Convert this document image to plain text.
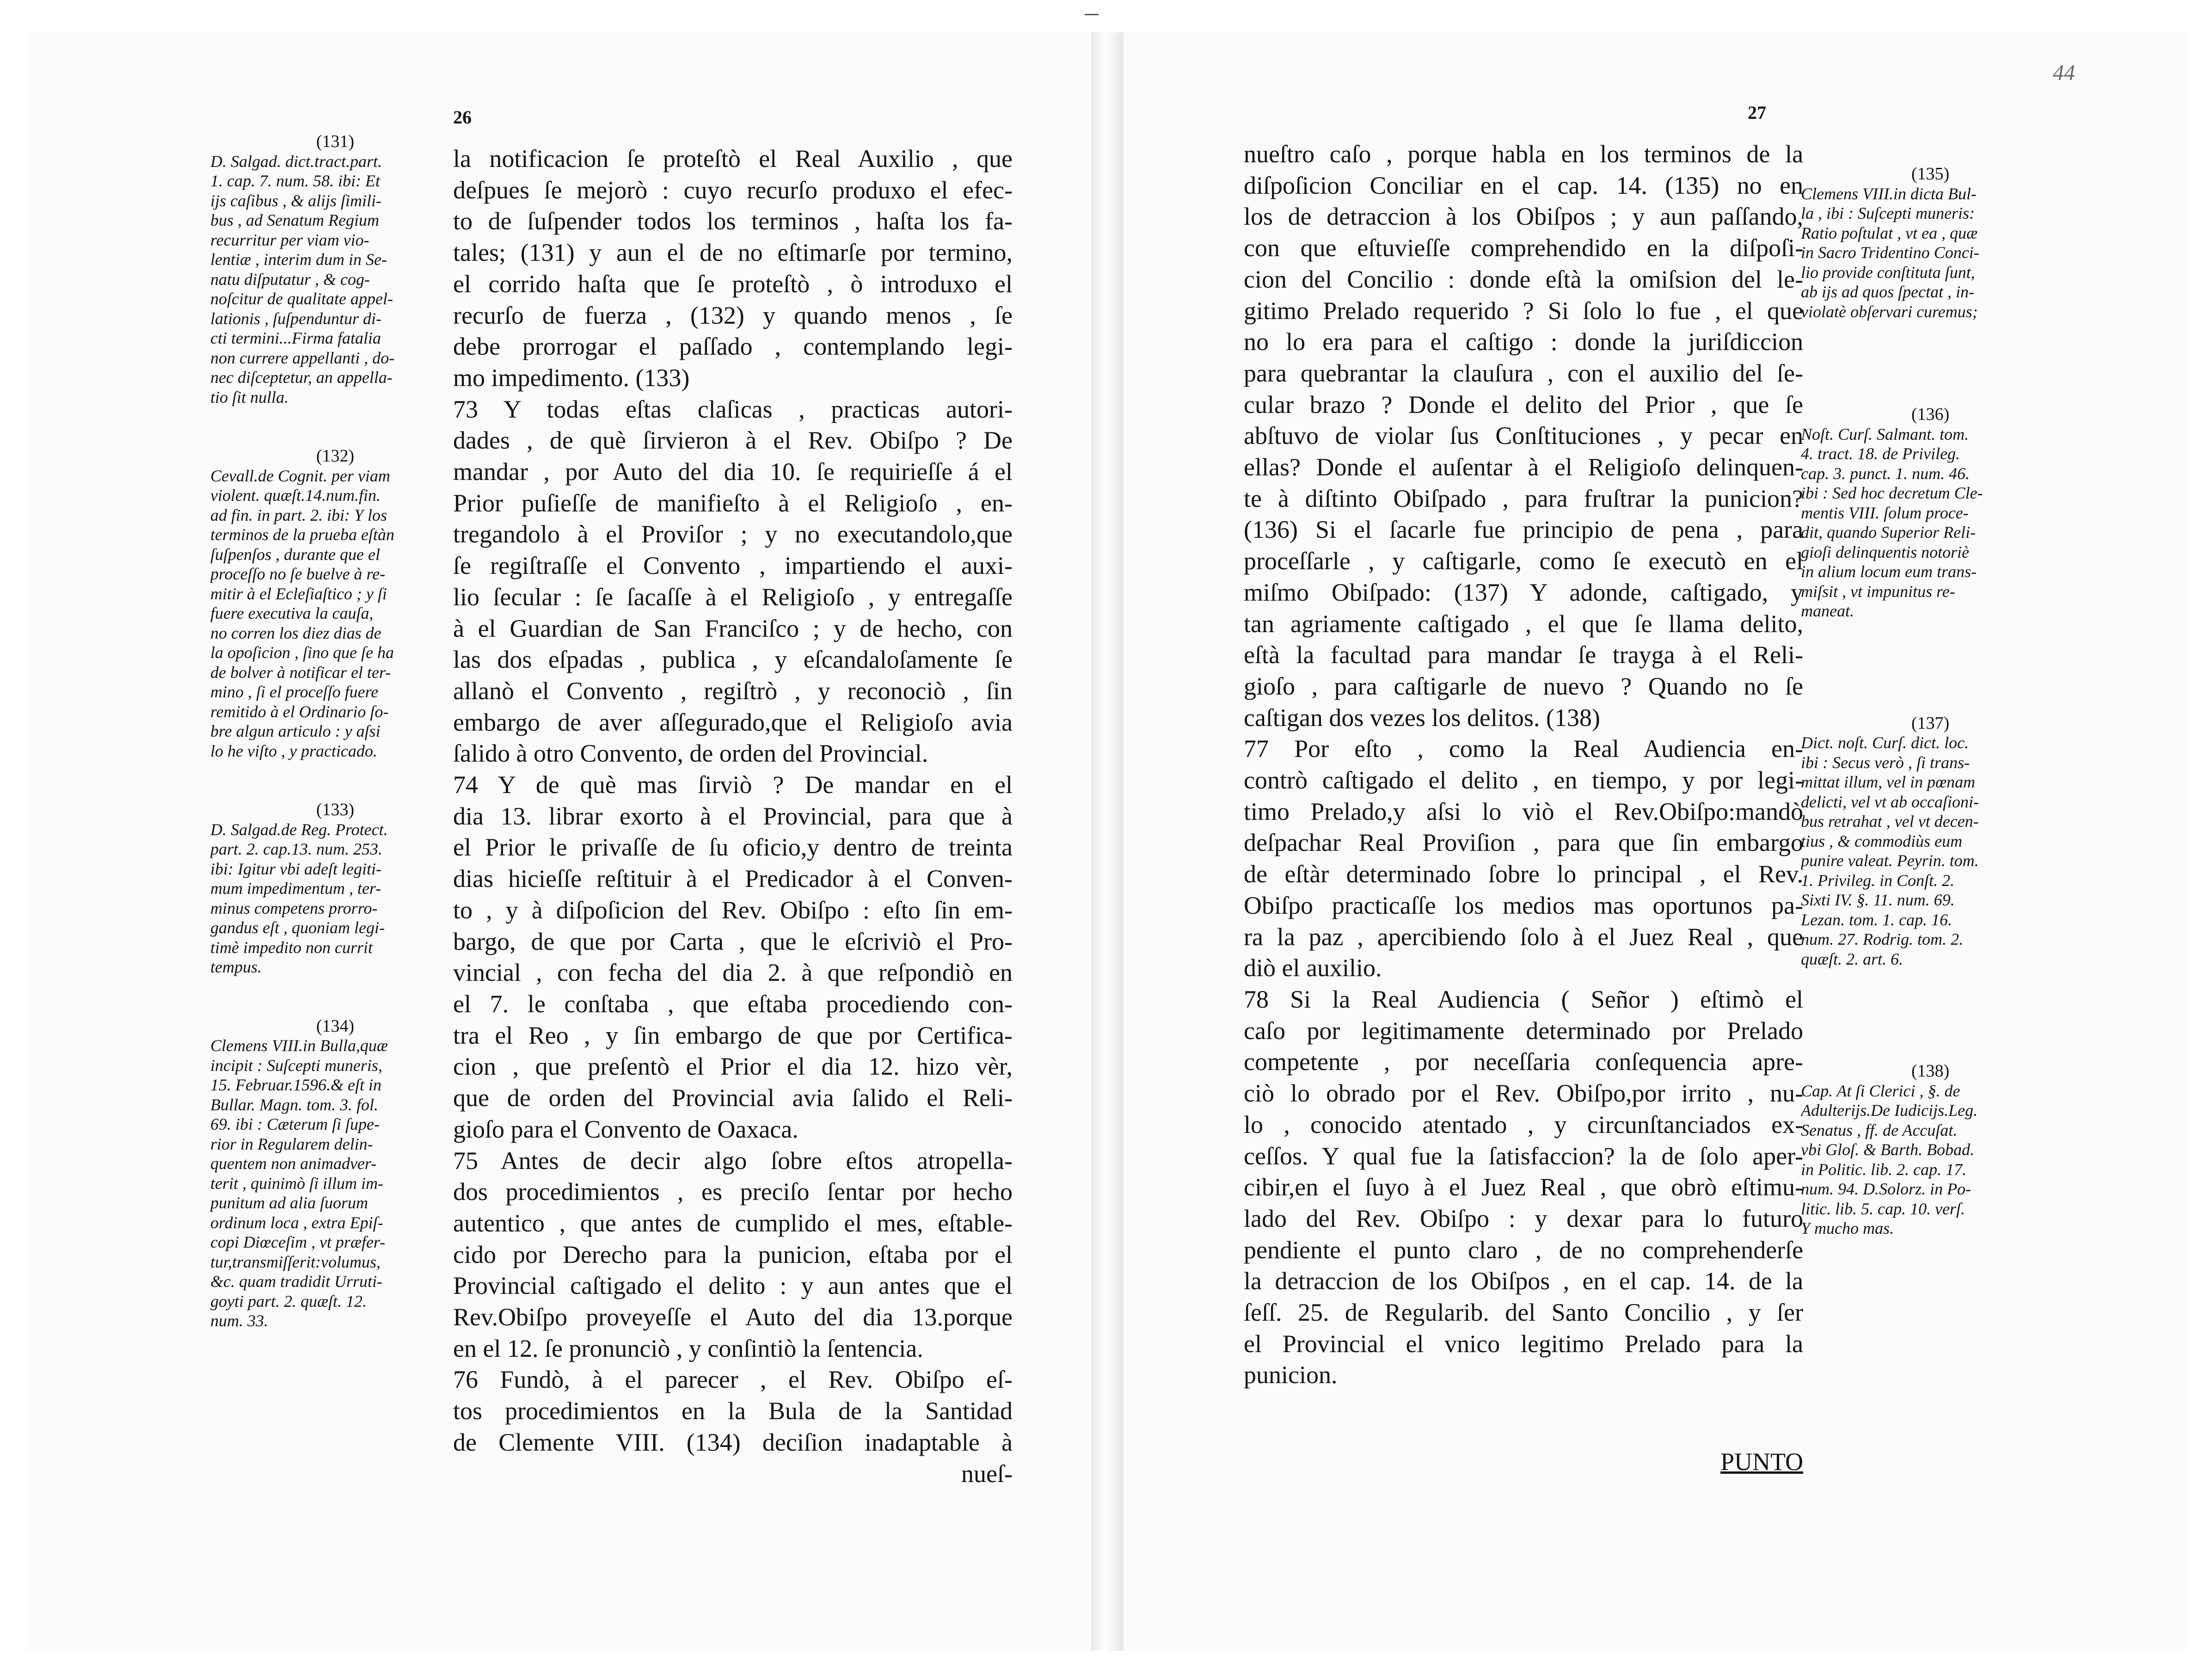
26
(131)
D. Salgad. dict.tract.part.
1. cap. 7. num. 58. ibi: Et
ijs caſibus , & alijs ſimili-
bus , ad Senatum Regium
recurritur per viam vio-
lentiæ , interim dum in Se-
natu diſputatur , & cog-
noſcitur de qualitate appel-
lationis , ſuſpenduntur di-
cti termini...Firma fatalia
non currere appellanti , do-
nec diſceptetur, an appella-
tio ſit nulla.
(132)
Cevall.de Cognit. per viam
violent. quæſt.14.num.fin.
ad fin. in part. 2. ibi: Y los
terminos de la prueba eſtàn
ſuſpenſos , durante que el
proceſſo no ſe buelve à re-
mitir à el Ecleſiaſtico ; y ſi
fuere executiva la cauſa,
no corren los diez dias de
la opoſicion , ſino que ſe ha
de bolver à notificar el ter-
mino , ſi el proceſſo fuere
remitido à el Ordinario ſo-
bre algun articulo : y aſsi
lo he viſto , y practicado.
(133)
D. Salgad.de Reg. Protect.
part. 2. cap.13. num. 253.
ibi: Igitur vbi adeſt legiti-
mum impedimentum , ter-
minus competens prorro-
gandus eſt , quoniam legi-
timè impedito non currit
tempus.
(134)
Clemens VIII.in Bulla,quæ
incipit : Suſcepti muneris,
15. Februar.1596.& eſt in
Bullar. Magn. tom. 3. fol.
69. ibi : Cæterum ſi ſupe-
rior in Regularem delin-
quentem non animadver-
terit , quinimò ſi illum im-
punitum ad alia ſuorum
ordinum loca , extra Epiſ-
copi Diœceſim , vt præfer-
tur,transmiſſerit:volumus,
&c. quam tradidit Urruti-
goyti part. 2. quæſt. 12.
num. 33.
la notificacion ſe proteſtò el Real Auxilio , que
deſpues ſe mejorò : cuyo recurſo produxo el efec-
to de ſuſpender todos los terminos , haſta los fa-
tales; (131) y aun el de no eſtimarſe por termino,
el corrido haſta que ſe proteſtò , ò introduxo el
recurſo de fuerza , (132) y quando menos , ſe
debe prorrogar el paſſado , contemplando legi-
mo impedimento. (133)
73 Y todas eſtas claſicas , practicas autori-
dades , de què ſirvieron à el Rev. Obiſpo ? De
mandar , por Auto del dia 10. ſe requirieſſe á el
Prior puſieſſe de manifieſto à el Religioſo , en-
tregandolo à el Proviſor ; y no executandolo,que
ſe regiſtraſſe el Convento , impartiendo el auxi-
lio ſecular : ſe ſacaſſe à el Religioſo , y entregaſſe
à el Guardian de San Franciſco ; y de hecho, con
las dos eſpadas , publica , y eſcandaloſamente ſe
allanò el Convento , regiſtrò , y reconociò , ſin
embargo de aver aſſegurado,que el Religioſo avia
ſalido à otro Convento, de orden del Provincial.
74 Y de què mas ſirviò ? De mandar en el
dia 13. librar exorto à el Provincial, para que à
el Prior le privaſſe de ſu oficio,y dentro de treinta
dias hicieſſe reſtituir à el Predicador à el Conven-
to , y à diſpoſicion del Rev. Obiſpo : eſto ſin em-
bargo, de que por Carta , que le eſcriviò el Pro-
vincial , con fecha del dia 2. à que reſpondiò en
el 7. le conſtaba , que eſtaba procediendo con-
tra el Reo , y ſin embargo de que por Certifica-
cion , que preſentò el Prior el dia 12. hizo vèr,
que de orden del Provincial avia ſalido el Reli-
gioſo para el Convento de Oaxaca.
75 Antes de decir algo ſobre eſtos atropella-
dos procedimientos , es preciſo ſentar por hecho
autentico , que antes de cumplido el mes, eſtable-
cido por Derecho para la punicion, eſtaba por el
Provincial caſtigado el delito : y aun antes que el
Rev.Obiſpo proveyeſſe el Auto del dia 13.porque
en el 12. ſe pronunciò , y conſintiò la ſentencia.
76 Fundò, à el parecer , el Rev. Obiſpo eſ-
tos procedimientos en la Bula de la Santidad
de Clemente VIII. (134) deciſion inadaptable à
nueſ-
27
44
nueſtro caſo , porque habla en los terminos de la
diſpoſicion Conciliar en el cap. 14. (135) no en
los de detraccion à los Obiſpos ; y aun paſſando,
con que eſtuvieſſe comprehendido en la diſpoſi-
cion del Concilio : donde eſtà la omiſsion del le-
gitimo Prelado requerido ? Si ſolo lo fue , el que
no lo era para el caſtigo : donde la juriſdiccion
para quebrantar la clauſura , con el auxilio del ſe-
cular brazo ? Donde el delito del Prior , que ſe
abſtuvo de violar ſus Conſtituciones , y pecar en
ellas? Donde el auſentar à el Religioſo delinquen-
te à diſtinto Obiſpado , para fruſtrar la punicion?
(136) Si el ſacarle fue principio de pena , para
proceſſarle , y caſtigarle, como ſe executò en el
miſmo Obiſpado: (137) Y adonde, caſtigado, y
tan agriamente caſtigado , el que ſe llama delito,
eſtà la facultad para mandar ſe trayga à el Reli-
gioſo , para caſtigarle de nuevo ? Quando no ſe
caſtigan dos vezes los delitos. (138)
77 Por eſto , como la Real Audiencia en-
contrò caſtigado el delito , en tiempo, y por legi-
timo Prelado,y aſsi lo viò el Rev.Obiſpo:mandò
deſpachar Real Proviſion , para que ſin embargo
de eſtàr determinado ſobre lo principal , el Rev.
Obiſpo practicaſſe los medios mas oportunos pa-
ra la paz , apercibiendo ſolo à el Juez Real , que
diò el auxilio.
78 Si la Real Audiencia ( Señor ) eſtimò el
caſo por legitimamente determinado por Prelado
competente , por neceſſaria conſequencia apre-
ciò lo obrado por el Rev. Obiſpo,por irrito , nu-
lo , conocido atentado , y circunſtanciados ex-
ceſſos. Y qual fue la ſatisfaccion? la de ſolo aper-
cibir,en el ſuyo à el Juez Real , que obrò eſtimu-
lado del Rev. Obiſpo : y dexar para lo futuro
pendiente el punto claro , de no comprehenderſe
la detraccion de los Obiſpos , en el cap. 14. de la
ſeſſ. 25. de Regularib. del Santo Concilio , y ſer
el Provincial el vnico legitimo Prelado para la
punicion.
PUNTO
(135)
Clemens VIII.in dicta Bul-
la , ibi : Suſcepti muneris:
Ratio poſtulat , vt ea , quæ
in Sacro Tridentino Conci-
lio provide conſtituta ſunt,
ab ijs ad quos ſpectat , in-
violatè obſervari curemus;
(136)
Noſt. Curſ. Salmant. tom.
4. tract. 18. de Privileg.
cap. 3. punct. 1. num. 46.
ibi : Sed hoc decretum Cle-
mentis VIII. ſolum proce-
dit, quando Superior Reli-
gioſi delinquentis notoriè
in alium locum eum trans-
miſsit , vt impunitus re-
maneat.
(137)
Dict. noſt. Curſ. dict. loc.
ibi : Secus verò , ſi trans-
mittat illum, vel in pœnam
delicti, vel vt ab occaſioni-
bus retrahat , vel vt decen-
tius , & commodiùs eum
punire valeat. Peyrin. tom.
1. Privileg. in Conſt. 2.
Sixti IV. §. 11. num. 69.
Lezan. tom. 1. cap. 16.
num. 27. Rodrig. tom. 2.
quæſt. 2. art. 6.
(138)
Cap. At ſi Clerici , §. de
Adulterijs.De Iudicijs.Leg.
Senatus , ff. de Accuſat.
vbi Gloſ. & Barth. Bobad.
in Politic. lib. 2. cap. 17.
num. 94. D.Solorz. in Po-
litic. lib. 5. cap. 10. verſ.
Y mucho mas.
